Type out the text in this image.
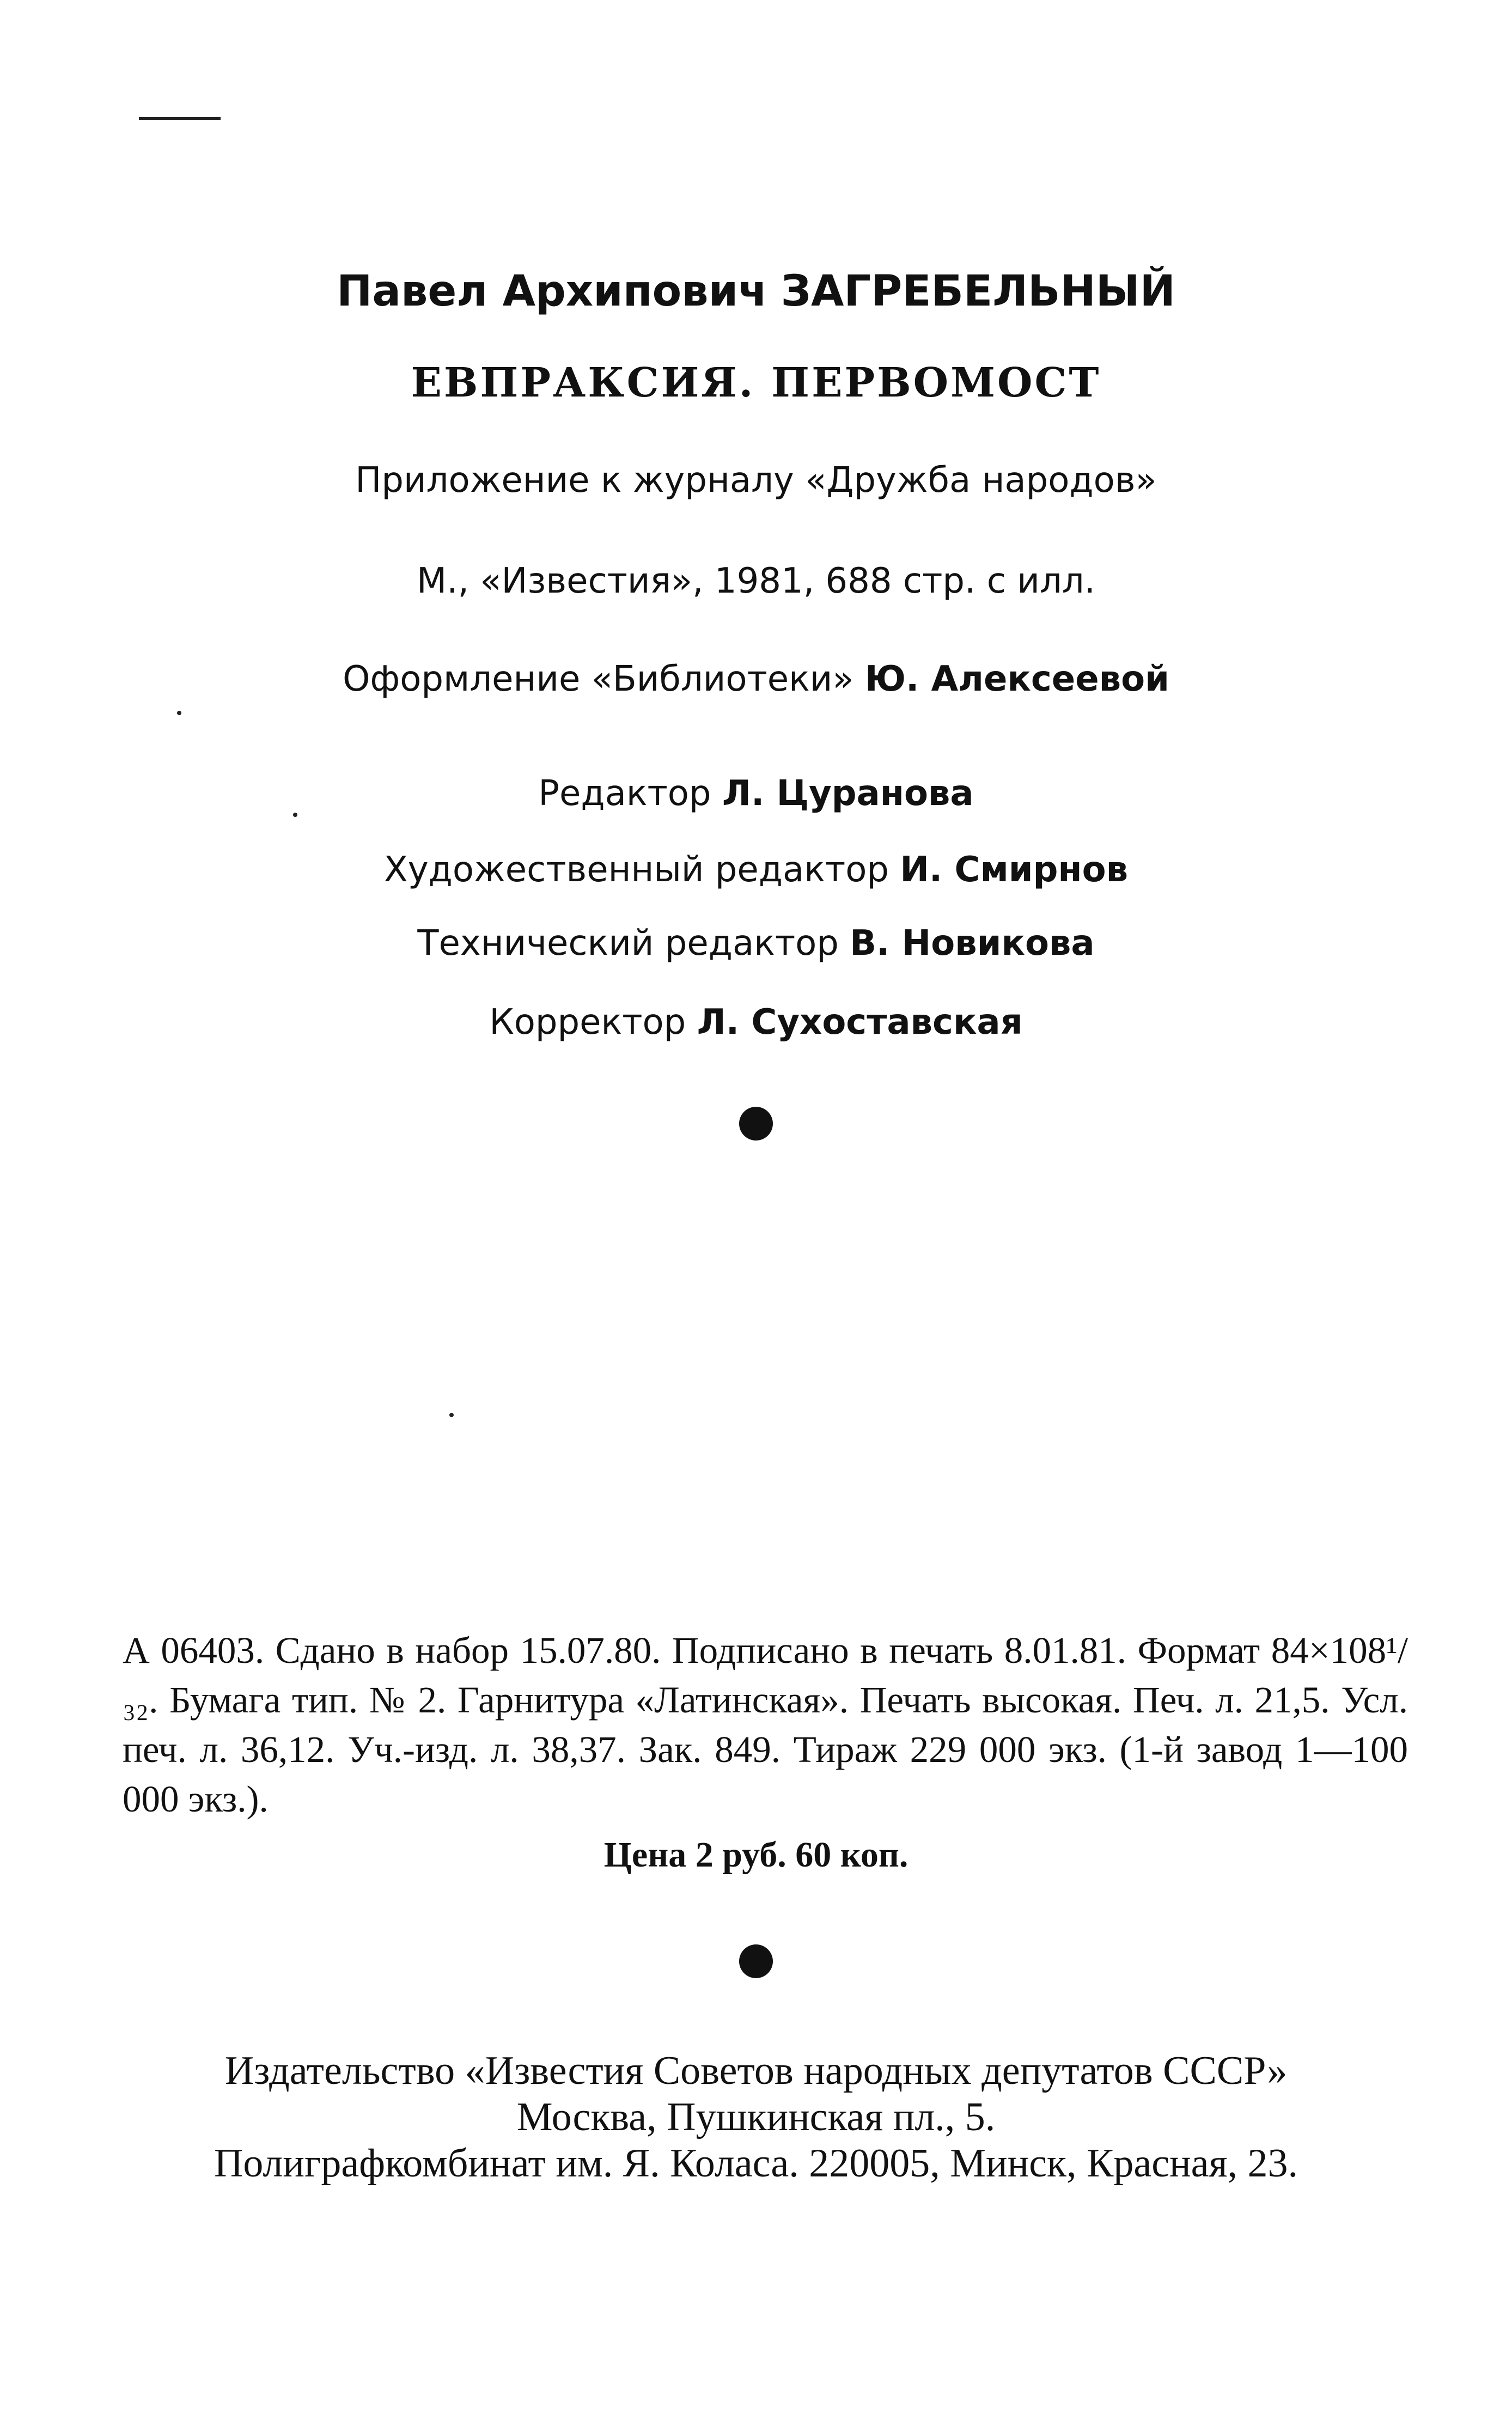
Павел Архипович ЗАГРЕБЕЛЬНЫЙ
ЕВПРАКСИЯ. ПЕРВОМОСТ
Приложение к журналу «Дружба народов»
М., «Известия», 1981, 688 стр. с илл.
Оформление «Библиотеки» Ю. Алексеевой
Редактор Л. Цуранова
Художественный редактор И. Смирнов
Технический редактор В. Новикова
Корректор Л. Сухоставская
А 06403. Сдано в набор 15.07.80. Подписано в печать 8.01.81. Формат 84×108¹/₃₂. Бумага тип. № 2. Гарнитура «Латинская». Печать высокая. Печ. л. 21,5. Усл. печ. л. 36,12. Уч.-изд. л. 38,37. Зак. 849. Тираж 229 000 экз. (1-й завод 1—100 000 экз.).
Цена 2 руб. 60 коп.
Издательство «Известия Советов народных депутатов СССР»
Москва, Пушкинская пл., 5.
Полиграфкомбинат им. Я. Коласа. 220005, Минск, Красная, 23.
